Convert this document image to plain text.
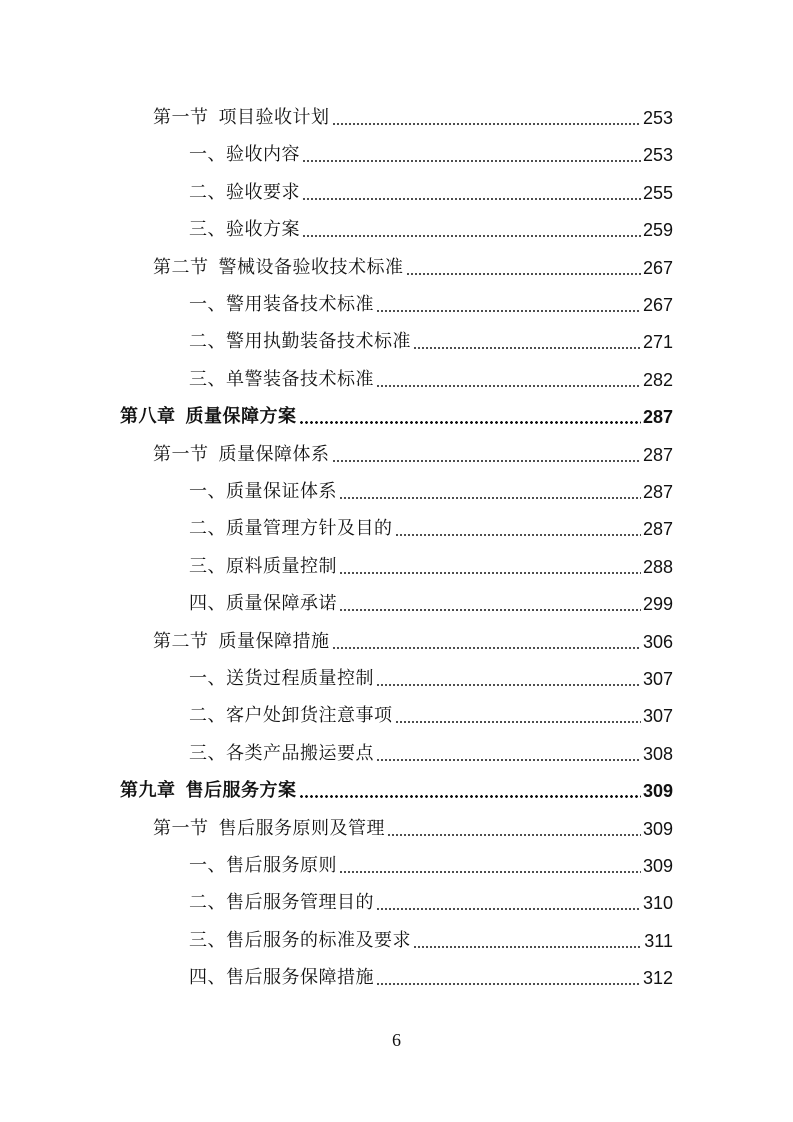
第一节 项目验收计划	253
一、验收内容	253
二、验收要求	255
三、验收方案	259
第二节 警械设备验收技术标准	267
一、警用装备技术标准	267
二、警用执勤装备技术标准	271
三、单警装备技术标准	282
第八章 质量保障方案	287
第一节 质量保障体系	287
一、质量保证体系	287
二、质量管理方针及目的	287
三、原料质量控制	288
四、质量保障承诺	299
第二节 质量保障措施	306
一、送货过程质量控制	307
二、客户处卸货注意事项	307
三、各类产品搬运要点	308
第九章 售后服务方案	309
第一节 售后服务原则及管理	309
一、售后服务原则	309
二、售后服务管理目的	310
三、售后服务的标准及要求	311
四、售后服务保障措施	312
6
